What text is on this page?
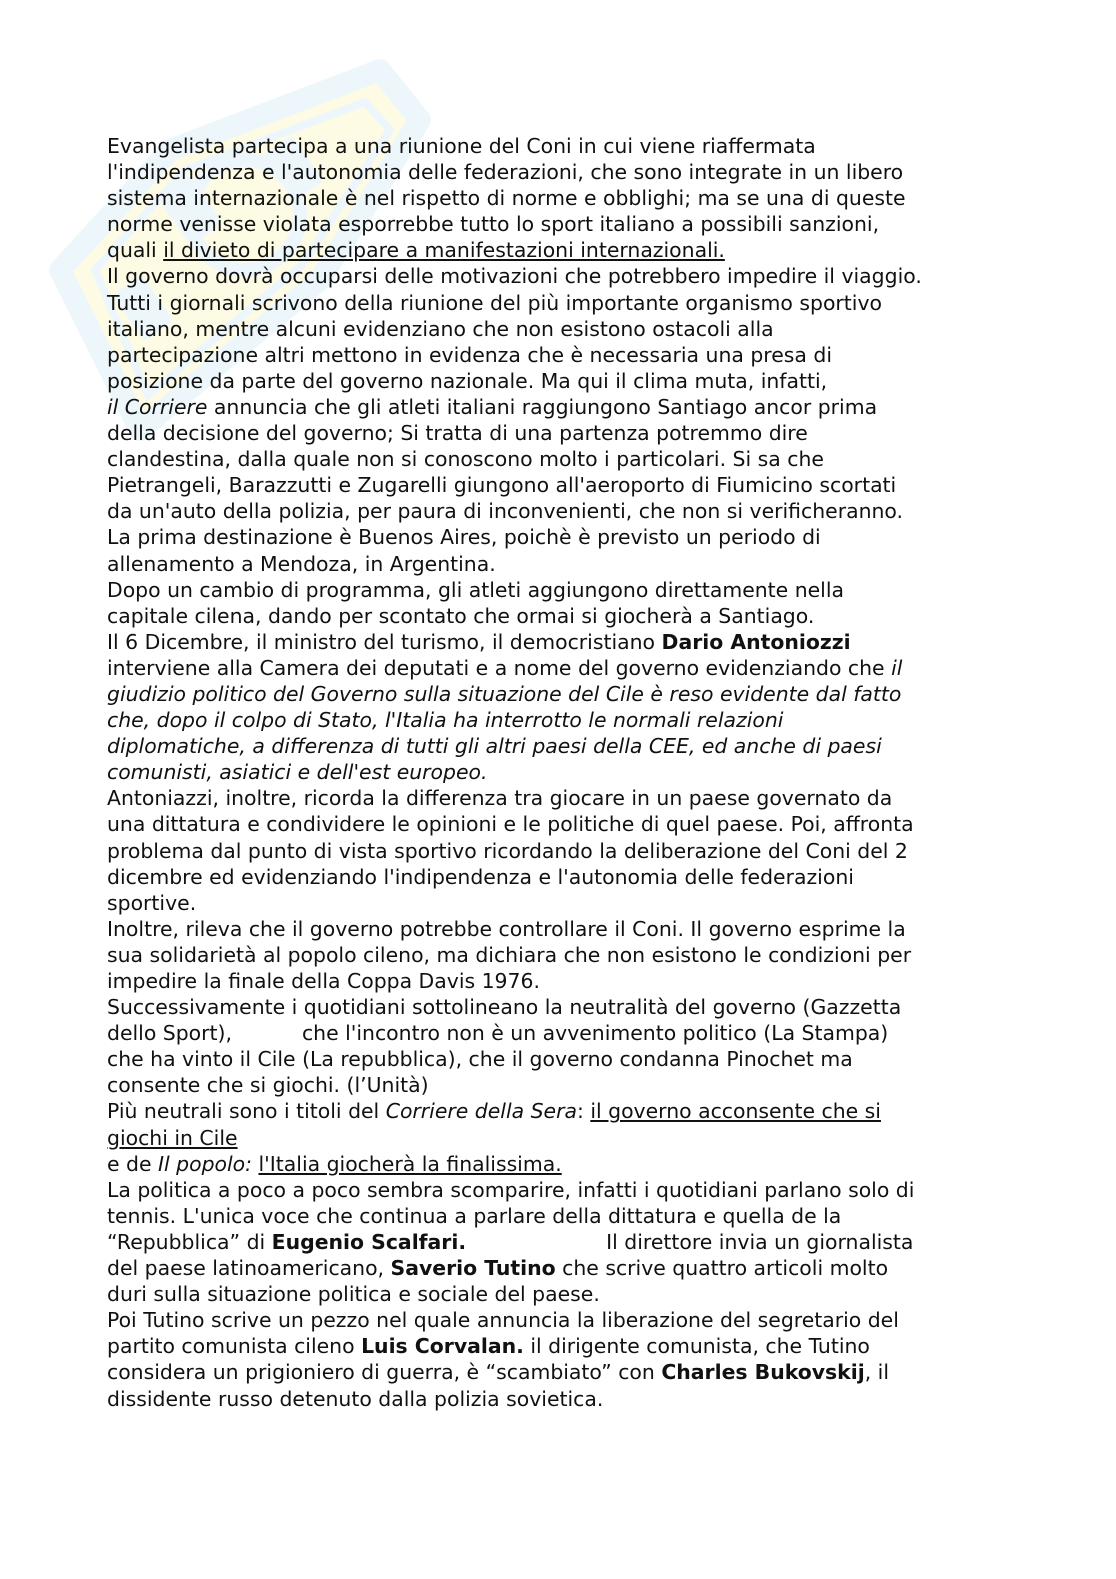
Evangelista partecipa a una riunione del Coni in cui viene riaffermata
l'indipendenza e l'autonomia delle federazioni, che sono integrate in un libero
sistema internazionale è nel rispetto di norme e obblighi; ma se una di queste
norme venisse violata esporrebbe tutto lo sport italiano a possibili sanzioni,
quali il divieto di partecipare a manifestazioni internazionali.
Il governo dovrà occuparsi delle motivazioni che potrebbero impedire il viaggio.
Tutti i giornali scrivono della riunione del più importante organismo sportivo
italiano, mentre alcuni evidenziano che non esistono ostacoli alla
partecipazione altri mettono in evidenza che è necessaria una presa di
posizione da parte del governo nazionale. Ma qui il clima muta, infatti,
il Corriere annuncia che gli atleti italiani raggiungono Santiago ancor prima
della decisione del governo; Si tratta di una partenza potremmo dire
clandestina, dalla quale non si conoscono molto i particolari. Si sa che
Pietrangeli, Barazzutti e Zugarelli giungono all'aeroporto di Fiumicino scortati
da un'auto della polizia, per paura di inconvenienti, che non si verificheranno.
La prima destinazione è Buenos Aires, poichè è previsto un periodo di
allenamento a Mendoza, in Argentina.
Dopo un cambio di programma, gli atleti aggiungono direttamente nella
capitale cilena, dando per scontato che ormai si giocherà a Santiago.
Il 6 Dicembre, il ministro del turismo, il democristiano Dario Antoniozzi
interviene alla Camera dei deputati e a nome del governo evidenziando che il
giudizio politico del Governo sulla situazione del Cile è reso evidente dal fatto
che, dopo il colpo di Stato, l'Italia ha interrotto le normali relazioni
diplomatiche, a differenza di tutti gli altri paesi della CEE, ed anche di paesi
comunisti, asiatici e dell'est europeo.
Antoniazzi, inoltre, ricorda la differenza tra giocare in un paese governato da
una dittatura e condividere le opinioni e le politiche di quel paese. Poi, affronta
problema dal punto di vista sportivo ricordando la deliberazione del Coni del 2
dicembre ed evidenziando l'indipendenza e l'autonomia delle federazioni
sportive.
Inoltre, rileva che il governo potrebbe controllare il Coni. Il governo esprime la
sua solidarietà al popolo cileno, ma dichiara che non esistono le condizioni per
impedire la finale della Coppa Davis 1976.
Successivamente i quotidiani sottolineano la neutralità del governo (Gazzetta
dello Sport),	che l'incontro non è un avvenimento politico (La Stampa)
che ha vinto il Cile (La repubblica), che il governo condanna Pinochet ma
consente che si giochi. (l’Unità)
Più neutrali sono i titoli del Corriere della Sera: il governo acconsente che si
giochi in Cile
e de Il popolo: l'Italia giocherà la finalissima.
La politica a poco a poco sembra scomparire, infatti i quotidiani parlano solo di
tennis. L'unica voce che continua a parlare della dittatura e quella de la
“Repubblica” di Eugenio Scalfari.	Il direttore invia un giornalista
del paese latinoamericano, Saverio Tutino che scrive quattro articoli molto
duri sulla situazione politica e sociale del paese.
Poi Tutino scrive un pezzo nel quale annuncia la liberazione del segretario del
partito comunista cileno Luis Corvalan. il dirigente comunista, che Tutino
considera un prigioniero di guerra, è “scambiato” con Charles Bukovskij, il
dissidente russo detenuto dalla polizia sovietica.
